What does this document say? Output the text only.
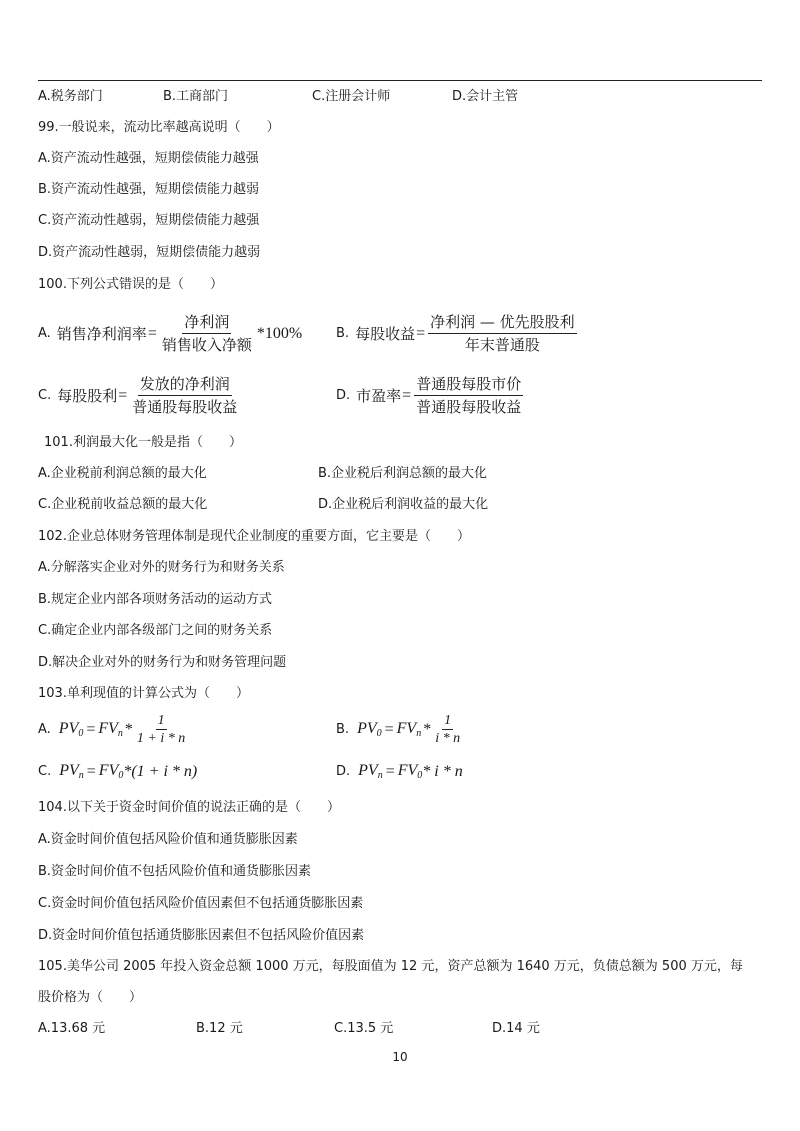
A.税务部门	B.工商部门	C.注册会计师	D.会计主管
99.一般说来，流动比率越高说明（　　）
A.资产流动性越强，短期偿债能力越强
B.资产流动性越强，短期偿债能力越弱
C.资产流动性越弱，短期偿债能力越强
D.资产流动性越弱，短期偿债能力越弱
100.下列公式错误的是（　　）
A. 销售净利润率 = $\frac{\text{净利润}}{\text{销售收入净额}} *100\%$	B. 每股收益 = $\frac{\text{净利润 — 优先股股利}}{\text{年末普通股}}$
C. 每股股利 = $\frac{\text{发放的净利润}}{\text{普通股每股收益}}$	D. 市盈率 = $\frac{\text{普通股每股市价}}{\text{普通股每股收益}}$
101.利润最大化一般是指（　　）
A.企业税前利润总额的最大化	B.企业税后利润总额的最大化
C.企业税前收益总额的最大化	D.企业税后利润收益的最大化
102.企业总体财务管理体制是现代企业制度的重要方面，它主要是（　　）
A.分解落实企业对外的财务行为和财务关系
B.规定企业内部各项财务活动的运动方式
C.确定企业内部各级部门之间的财务关系
D.解决企业对外的财务行为和财务管理问题
103.单利现值的计算公式为（　　）
A. $PV_0 = FV_n * \frac{1}{1 + i * n}$	B. $PV_0 = FV_n * \frac{1}{i * n}$
C. $PV_n = FV_0$ *(1 + i * n)	D. $PV_n = FV_0 * i * n$
104.以下关于资金时间价值的说法正确的是（　　）
A.资金时间价值包括风险价值和通货膨胀因素
B.资金时间价值不包括风险价值和通货膨胀因素
C.资金时间价值包括风险价值因素但不包括通货膨胀因素
D.资金时间价值包括通货膨胀因素但不包括风险价值因素
105.美华公司 2005 年投入资金总额 1000 万元，每股面值为 12 元，资产总额为 1640 万元，负债总额为 500 万元，每
股价格为（　　）
A.13.68 元	B.12 元	C.13.5 元	D.14 元
10
